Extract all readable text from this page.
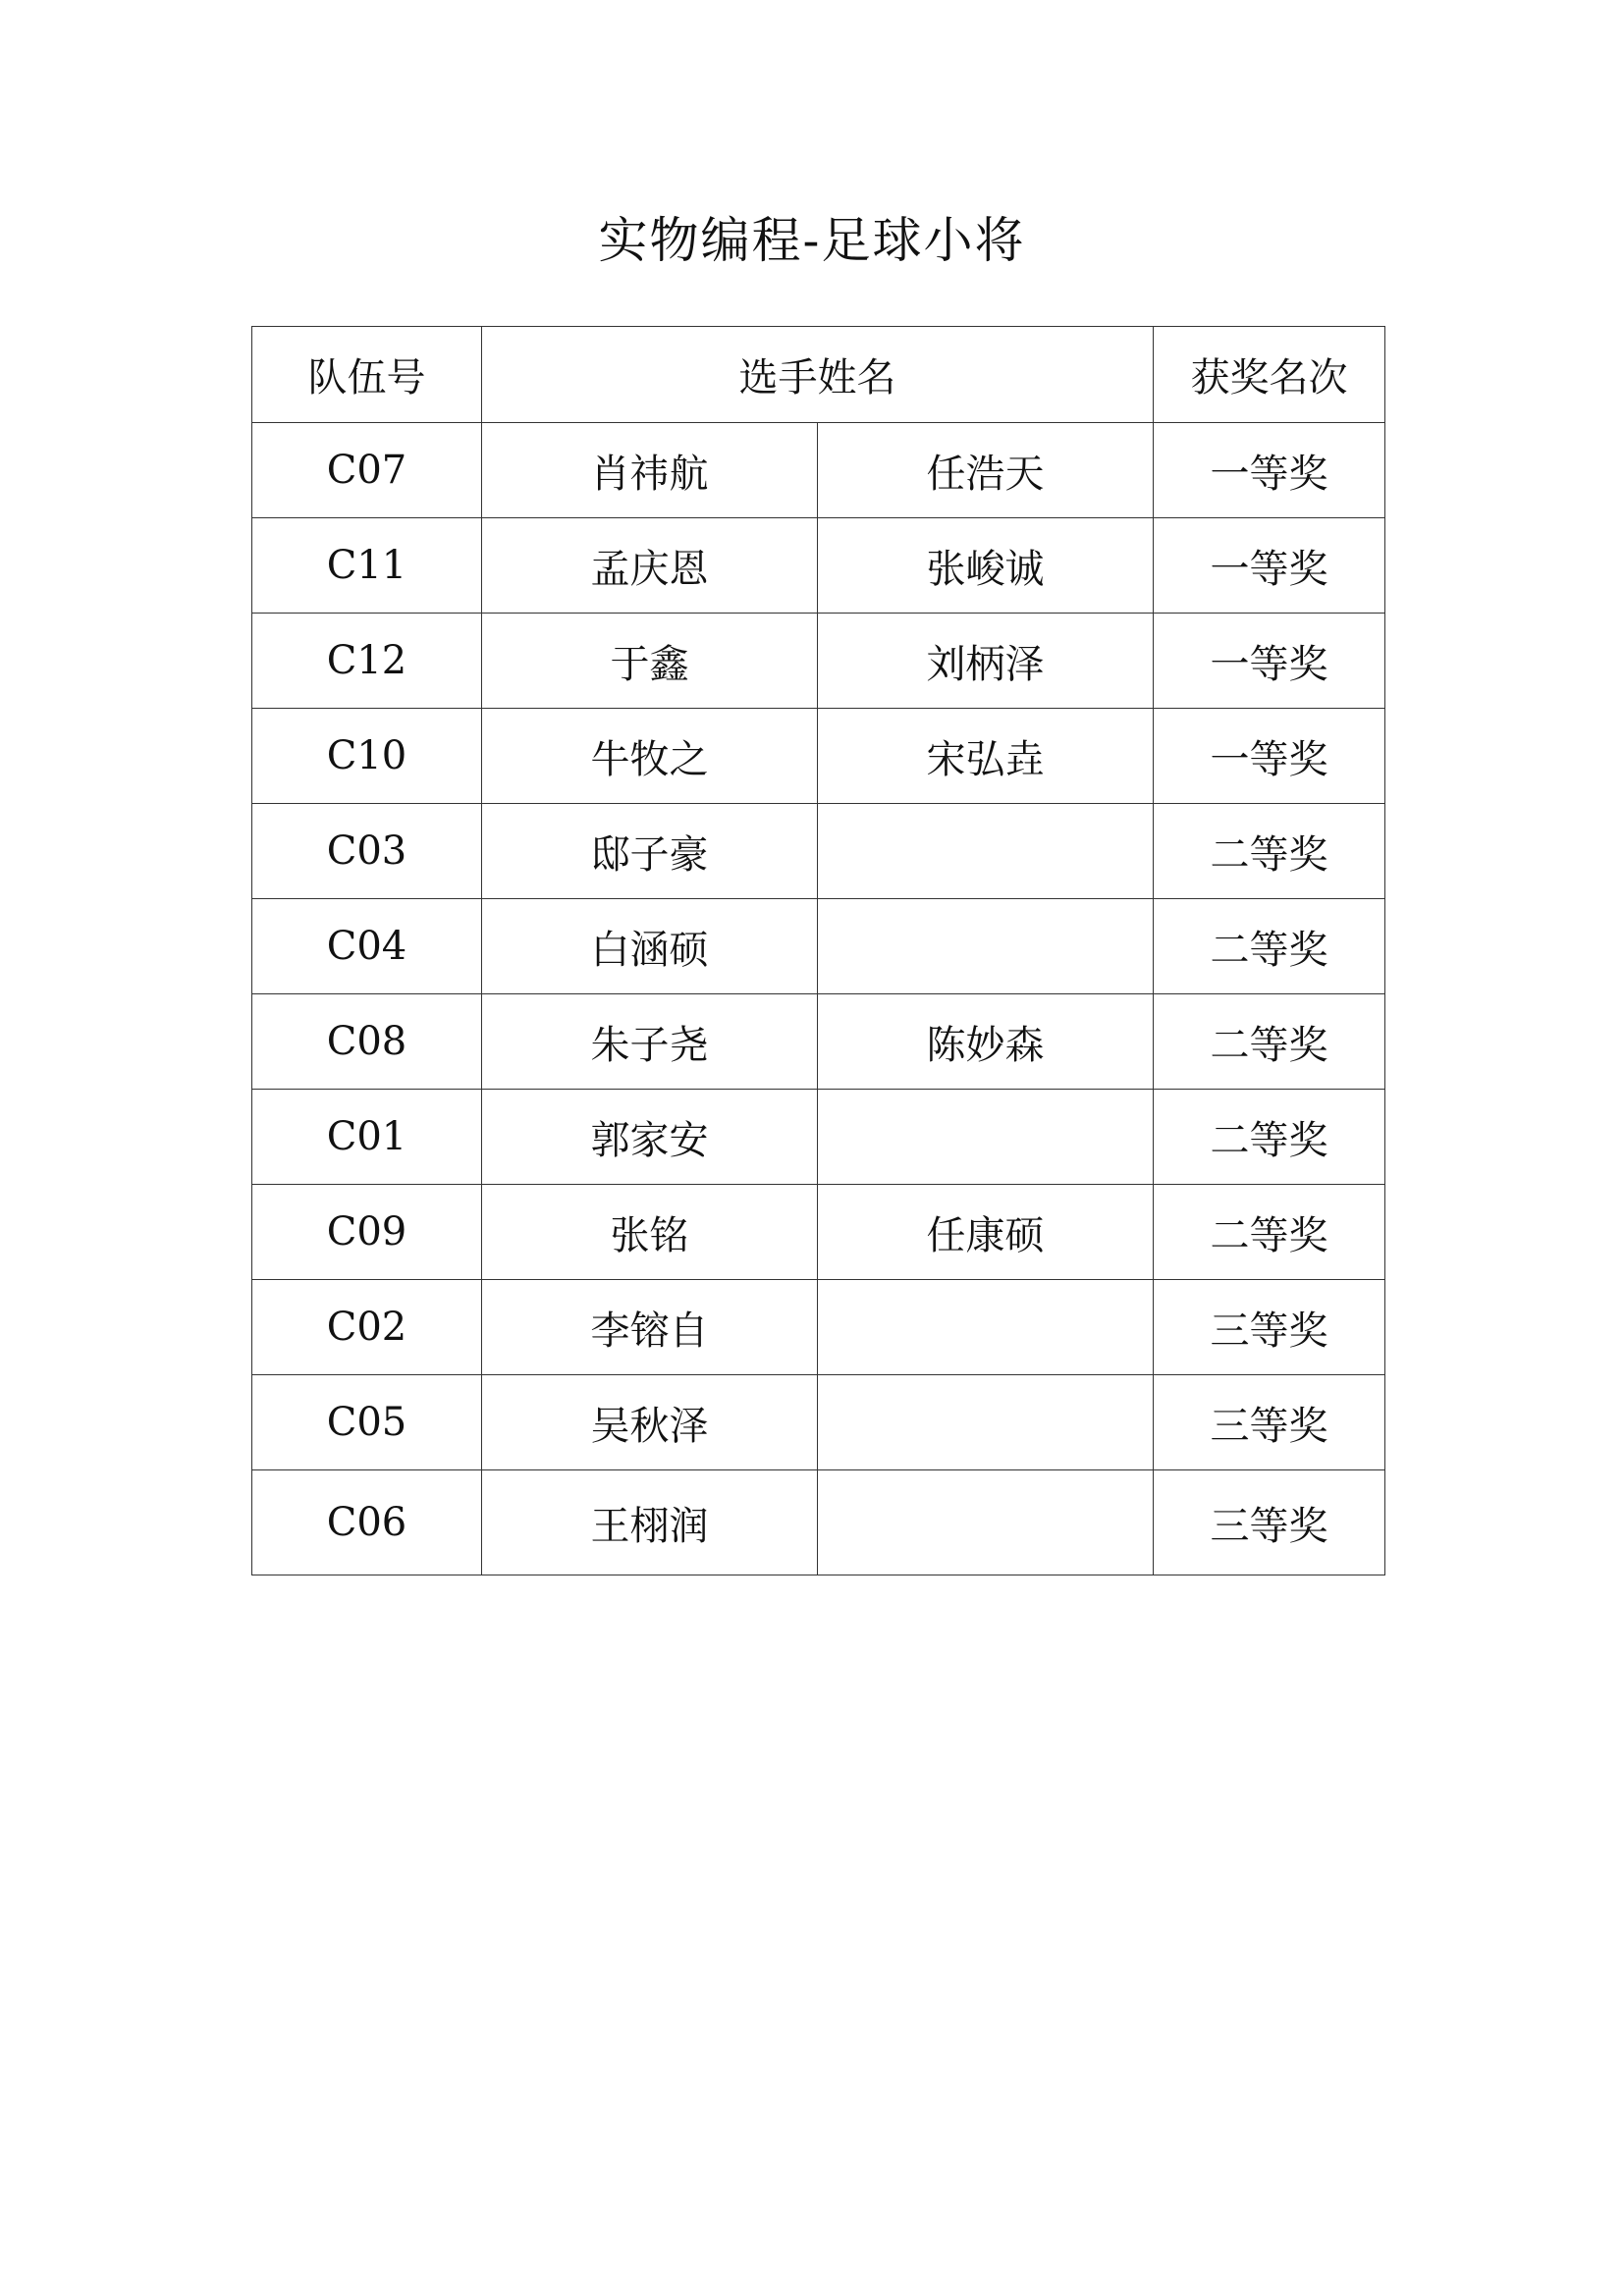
实物编程-足球小将
队伍号	选手姓名		获奖名次
C07	肖祎航	任浩天	一等奖
C11	孟庆恩	张峻诚	一等奖
C12	于鑫	刘柄泽	一等奖
C10	牛牧之	宋弘垚	一等奖
C03	邸子豪		二等奖
C04	白涵硕		二等奖
C08	朱子尧	陈妙森	二等奖
C01	郭家安		二等奖
C09	张铭	任康硕	二等奖
C02	李镕自		三等奖
C05	吴秋泽		三等奖
C06	王栩润		三等奖
